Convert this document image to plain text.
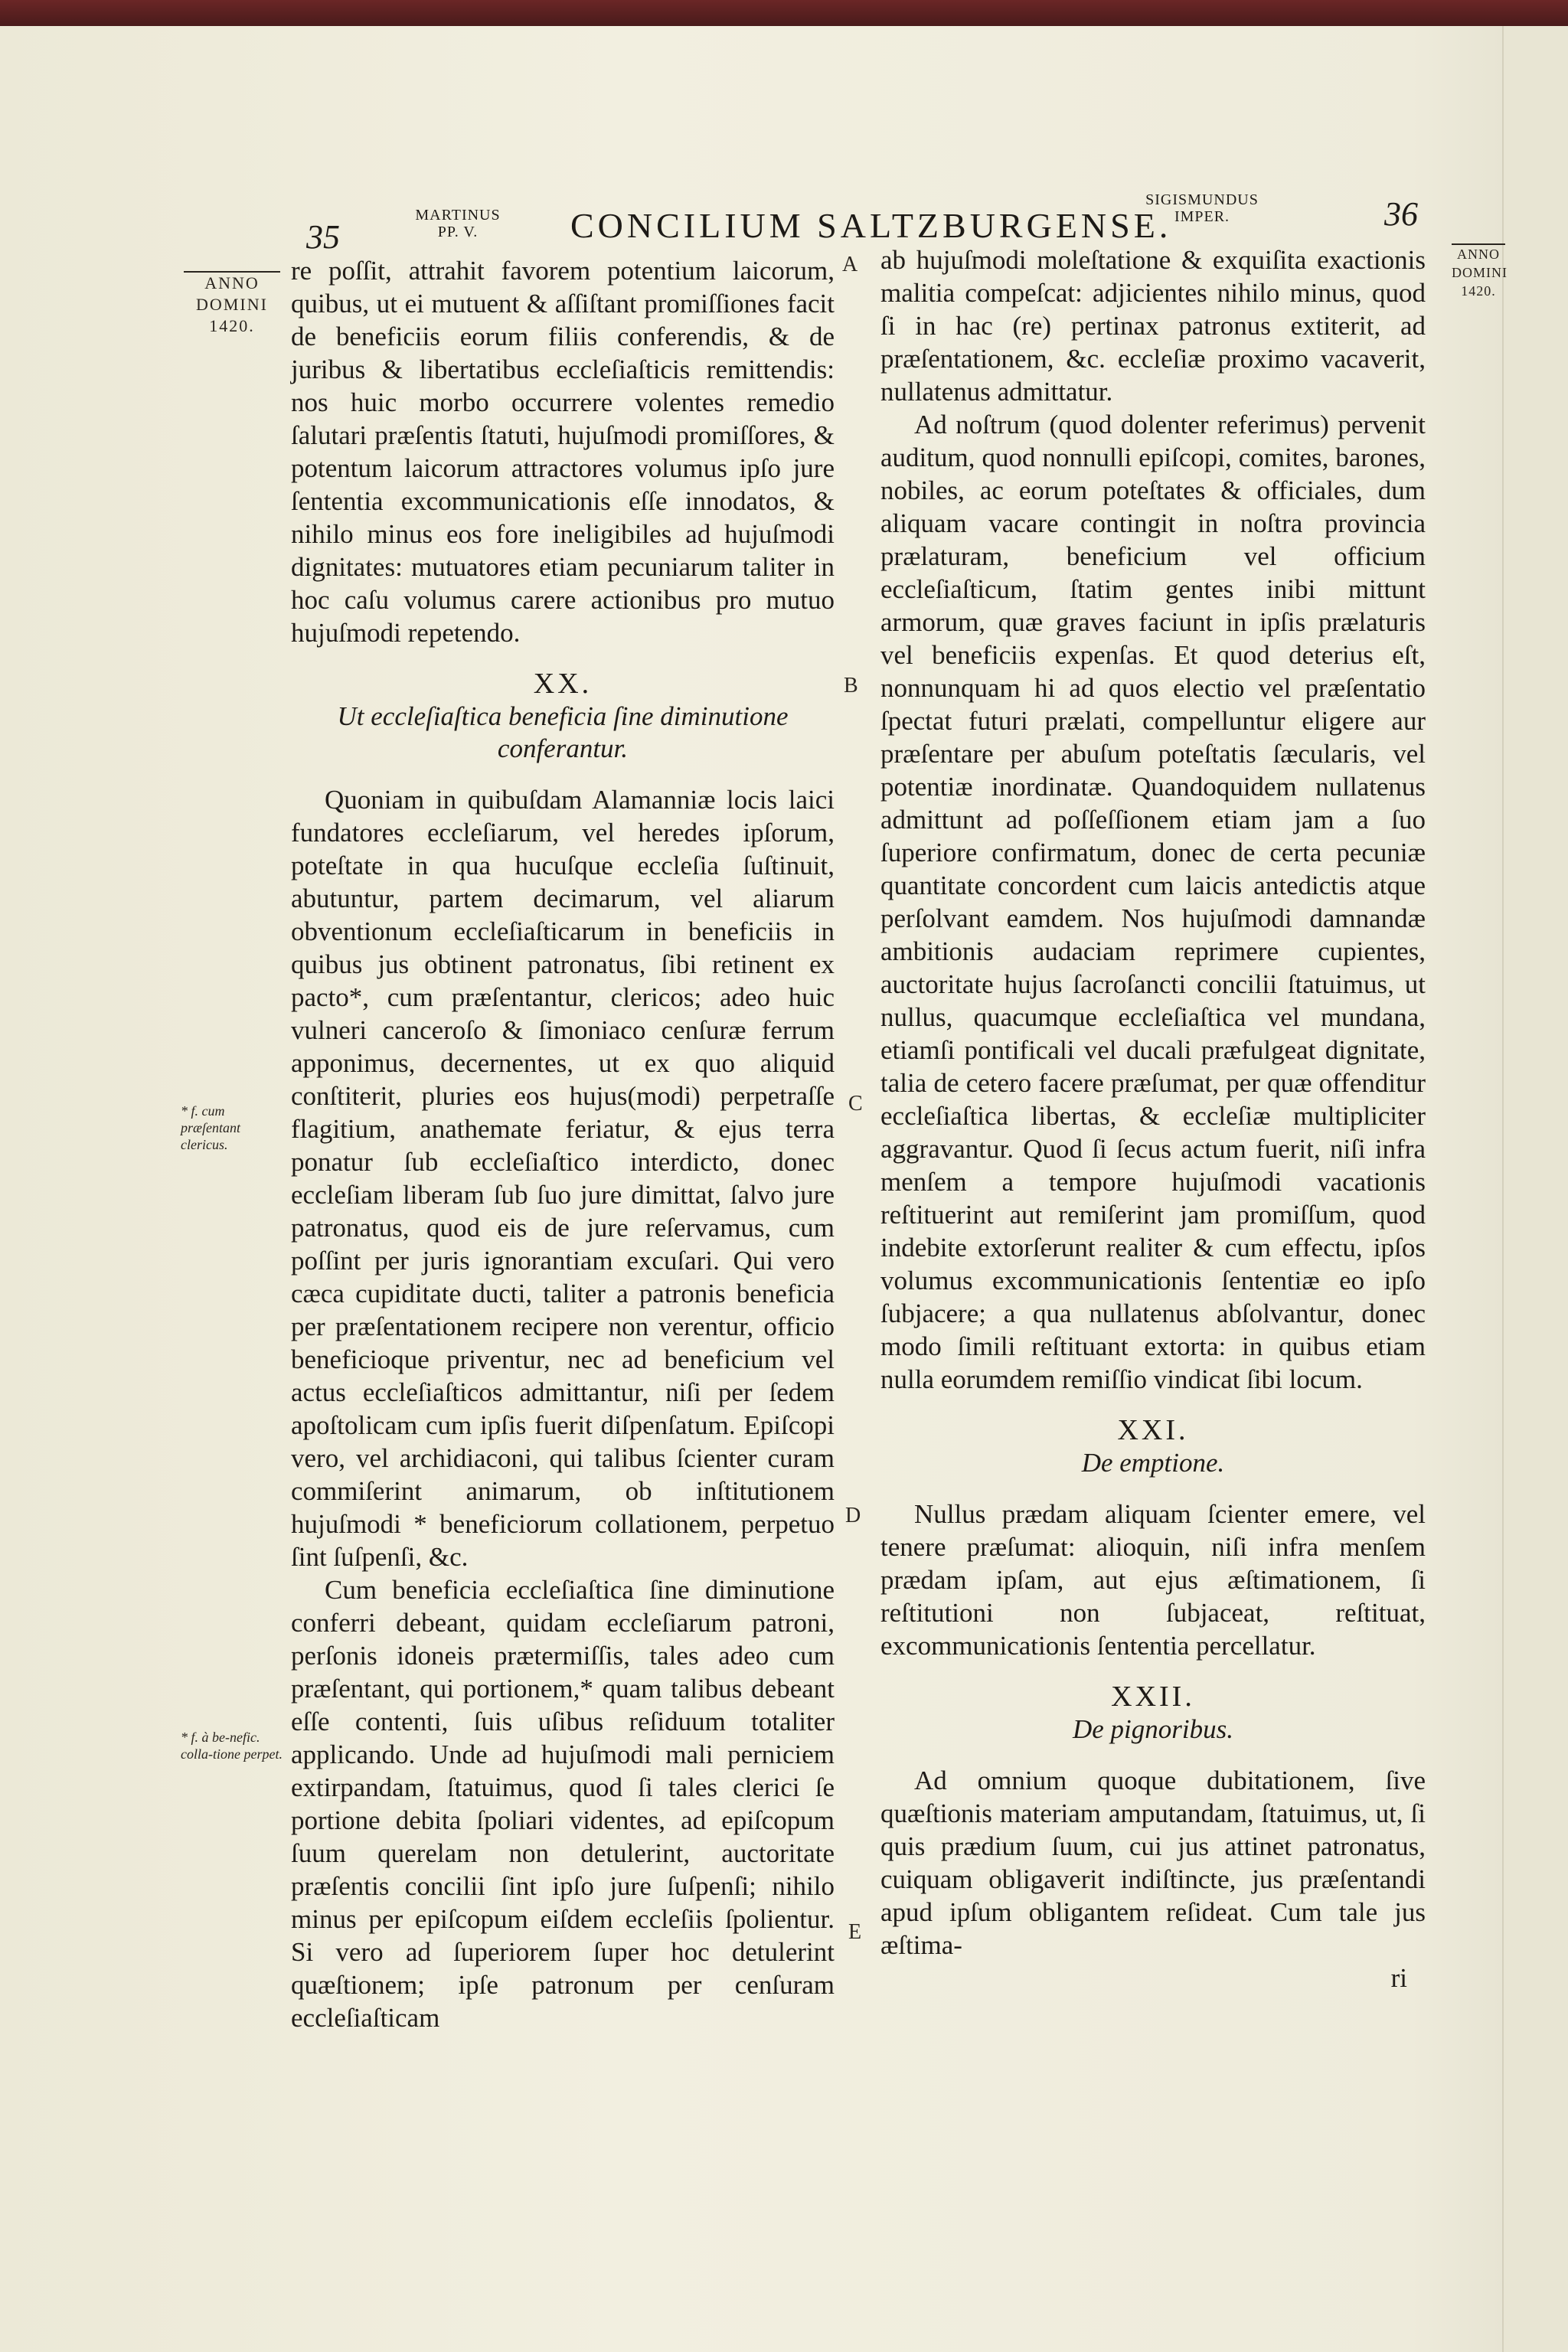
35
MARTINUS PP. V.	CONCILIUM SALTZBURGENSE.
SIGISMUNDUS IMPER.	36
ANNO DOMINI 1420.
* f. cum præſentant clericus.
* f. à be-nefic. colla-tione perpet.
ANNO DOMINI 1420.
A
B
C
D
E

re poſſit, attrahit favorem potentium laicorum, quibus, ut ei mutuent & aſſiſtant promiſſiones facit de beneficiis eorum filiis conferendis, & de juribus & libertatibus eccleſiaſticis remittendis: nos huic morbo occurrere volentes remedio ſalutari præſentis ſtatuti, hujuſmodi promiſſores, & potentum laicorum attractores volumus ipſo jure ſententia excommunicationis eſſe innodatos, & nihilo minus eos fore ineligibiles ad hujuſmodi dignitates: mutuatores etiam pecuniarum taliter in hoc caſu volumus carere actionibus pro mutuo hujuſmodi repetendo.

XX.
Ut eccleſiaſtica beneficia ſine diminutione conferantur.

Quoniam in quibuſdam Alamanniæ locis laici fundatores eccleſiarum, vel heredes ipſorum, poteſtate in qua hucuſque eccleſia ſuſtinuit, abutuntur, partem decimarum, vel aliarum obventionum eccleſiaſticarum in beneficiis in quibus jus obtinent patronatus, ſibi retinent ex pacto*, cum præſentantur, clericos; adeo huic vulneri canceroſo & ſimoniaco cenſuræ ferrum apponimus, decernentes, ut ex quo aliquid conſtiterit, pluries eos hujus(modi) perpetraſſe flagitium, anathemate feriatur, & ejus terra ponatur ſub eccleſiaſtico interdicto, donec eccleſiam liberam ſub ſuo jure dimittat, ſalvo jure patronatus, quod eis de jure reſervamus, cum poſſint per juris ignorantiam excuſari. Qui vero cæca cupiditate ducti, taliter a patronis beneficia per præſentationem recipere non verentur, officio beneficioque priventur, nec ad beneficium vel actus eccleſiaſticos admittantur, niſi per ſedem apoſtolicam cum ipſis fuerit diſpenſatum. Epiſcopi vero, vel archidiaconi, qui talibus ſcienter curam commiſerint animarum, ob inſtitutionem hujuſmodi * beneficiorum collationem, perpetuo ſint ſuſpenſi, &c.

Cum beneficia eccleſiaſtica ſine diminutione conferri debeant, quidam eccleſiarum patroni, perſonis idoneis prætermiſſis, tales adeo cum præſentant, qui portionem,* quam talibus debeant eſſe contenti, ſuis uſibus reſiduum totaliter applicando. Unde ad hujuſmodi mali perniciem extirpandam, ſtatuimus, quod ſi tales clerici ſe portione debita ſpoliari videntes, ad epiſcopum ſuum querelam non detulerint, auctoritate præſentis concilii ſint ipſo jure ſuſpenſi; nihilo minus per epiſcopum eiſdem eccleſiis ſpolientur. Si vero ad ſuperiorem ſuper hoc detulerint quæſtionem; ipſe patronum per cenſuram eccleſiaſticam

ab hujuſmodi moleſtatione & exquiſita exactionis malitia compeſcat: adjicientes nihilo minus, quod ſi in hac (re) pertinax patronus extiterit, ad præſentationem, &c. eccleſiæ proximo vacaverit, nullatenus admittatur.

Ad noſtrum (quod dolenter referimus) pervenit auditum, quod nonnulli epiſcopi, comites, barones, nobiles, ac eorum poteſtates & officiales, dum aliquam vacare contingit in noſtra provincia prælaturam, beneficium vel officium eccleſiaſticum, ſtatim gentes inibi mittunt armorum, quæ graves faciunt in ipſis prælaturis vel beneficiis expenſas. Et quod deterius eſt, nonnunquam hi ad quos electio vel præſentatio ſpectat futuri prælati, compelluntur eligere aur præſentare per abuſum poteſtatis ſæcularis, vel potentiæ inordinatæ. Quandoquidem nullatenus admittunt ad poſſeſſionem etiam jam a ſuo ſuperiore confirmatum, donec de certa pecuniæ quantitate concordent cum laicis antedictis atque perſolvant eamdem. Nos hujuſmodi damnandæ ambitionis audaciam reprimere cupientes, auctoritate hujus ſacroſancti concilii ſtatuimus, ut nullus, quacumque eccleſiaſtica vel mundana, etiamſi pontificali vel ducali præfulgeat dignitate, talia de cetero facere præſumat, per quæ offenditur eccleſiaſtica libertas, & eccleſiæ multipliciter aggravantur. Quod ſi ſecus actum fuerit, niſi infra menſem a tempore hujuſmodi vacationis reſtituerint aut remiſerint jam promiſſum, quod indebite extorſerunt realiter & cum effectu, ipſos volumus excommunicationis ſententiæ eo ipſo ſubjacere; a qua nullatenus abſolvantur, donec modo ſimili reſtituant extorta: in quibus etiam nulla eorumdem remiſſio vindicat ſibi locum.

XXI.
De emptione.

Nullus prædam aliquam ſcienter emere, vel tenere præſumat: alioquin, niſi infra menſem prædam ipſam, aut ejus æſtimationem, ſi reſtitutioni non ſubjaceat, reſtituat, excommunicationis ſententia percellatur.

XXII.
De pignoribus.

Ad omnium quoque dubitationem, ſive quæſtionis materiam amputandam, ſtatuimus, ut, ſi quis prædium ſuum, cui jus attinet patronatus, cuiquam obligaverit indiſtincte, jus præſentandi apud ipſum obligantem reſideat. Cum tale jus æſtima-

ri
